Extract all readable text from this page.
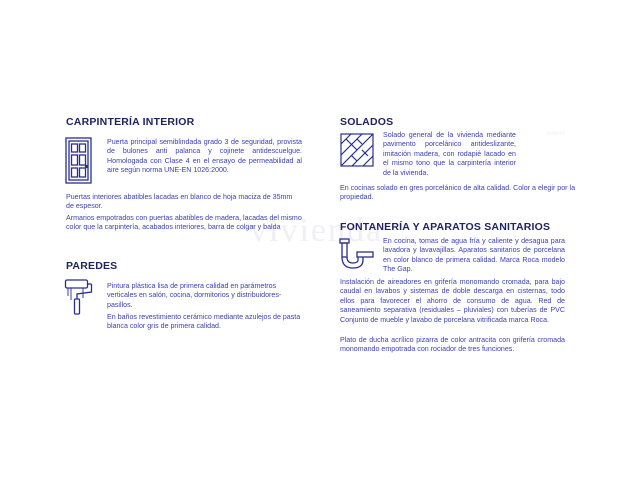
vivienda
viviend
CARPINTERÍA INTERIOR

Puerta principal semiblindada grado 3 de seguridad, provista de bulones anti palanca y cojinete antidescuelgue. Homologada con Clase 4 en el ensayo de permeabilidad al aire según norma UNE-EN 1026:2000.

Puertas interiores abatibles lacadas en blanco de hoja maciza de 35mm de espesor.

Armarios empotrados con puertas abatibles de madera, lacadas del mismo color que la carpintería, acabados interiores, barra de colgar y balda

PAREDES

Pintura plástica lisa de primera calidad en parámetros verticales en salón, cocina, dormitorios y distribuidores-pasillos.

En baños revestimiento cerámico mediante azulejos de pasta blanca color gris de primera calidad.

SOLADOS

Solado general de la vivienda mediante pavimento porcelánico antideslizante, imitación madera, con rodapié lacado en el mismo tono que la carpintería interior de la vivienda.

En cocinas solado en gres porcelánico de alta calidad. Color a elegir por la propiedad.

FONTANERÍA Y APARATOS SANITARIOS

En cocina, tomas de agua fría y caliente y desagua para lavadora y lavavajillas. Aparatos sanitarios de porcelana en color blanco de primera calidad. Marca Roca modelo The Gap.

Instalación de aireadores en grifería monomando cromada, para bajo caudal en lavabos y sistemas de doble descarga en cisternas, todo ellos para favorecer el ahorro de consumo de agua. Red de saneamiento separativa (residuales – pluviales) con tuberías de PVC Conjunto de mueble y lavabo de porcelana vitrificada marca Roca.

Plato de ducha acrílico pizarra de color antracita con grifería cromada monomando empotrada con rociador de tres funciones.
